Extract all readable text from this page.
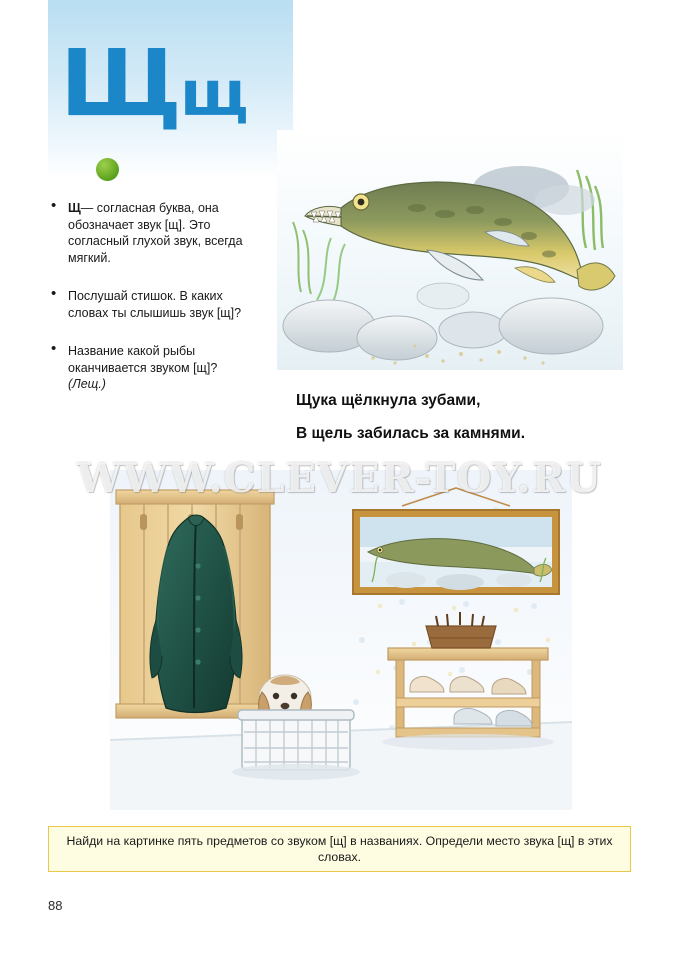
Щщ
• Щ— согласная буква, она обозначает звук [щ]. Это согласный глухой звук, всегда мягкий.
• Послушай стишок. В каких словах ты слышишь звук [щ]?
• Название какой рыбы оканчивается звуком [щ]? (Лещ.)
Щука щёлкнула зубами,
В щель забилась за камнями.
WWW.CLEVER-TOY.RU
Найди на картинке пять предметов со звуком [щ] в названиях. Определи место звука [щ] в этих словах.
88
